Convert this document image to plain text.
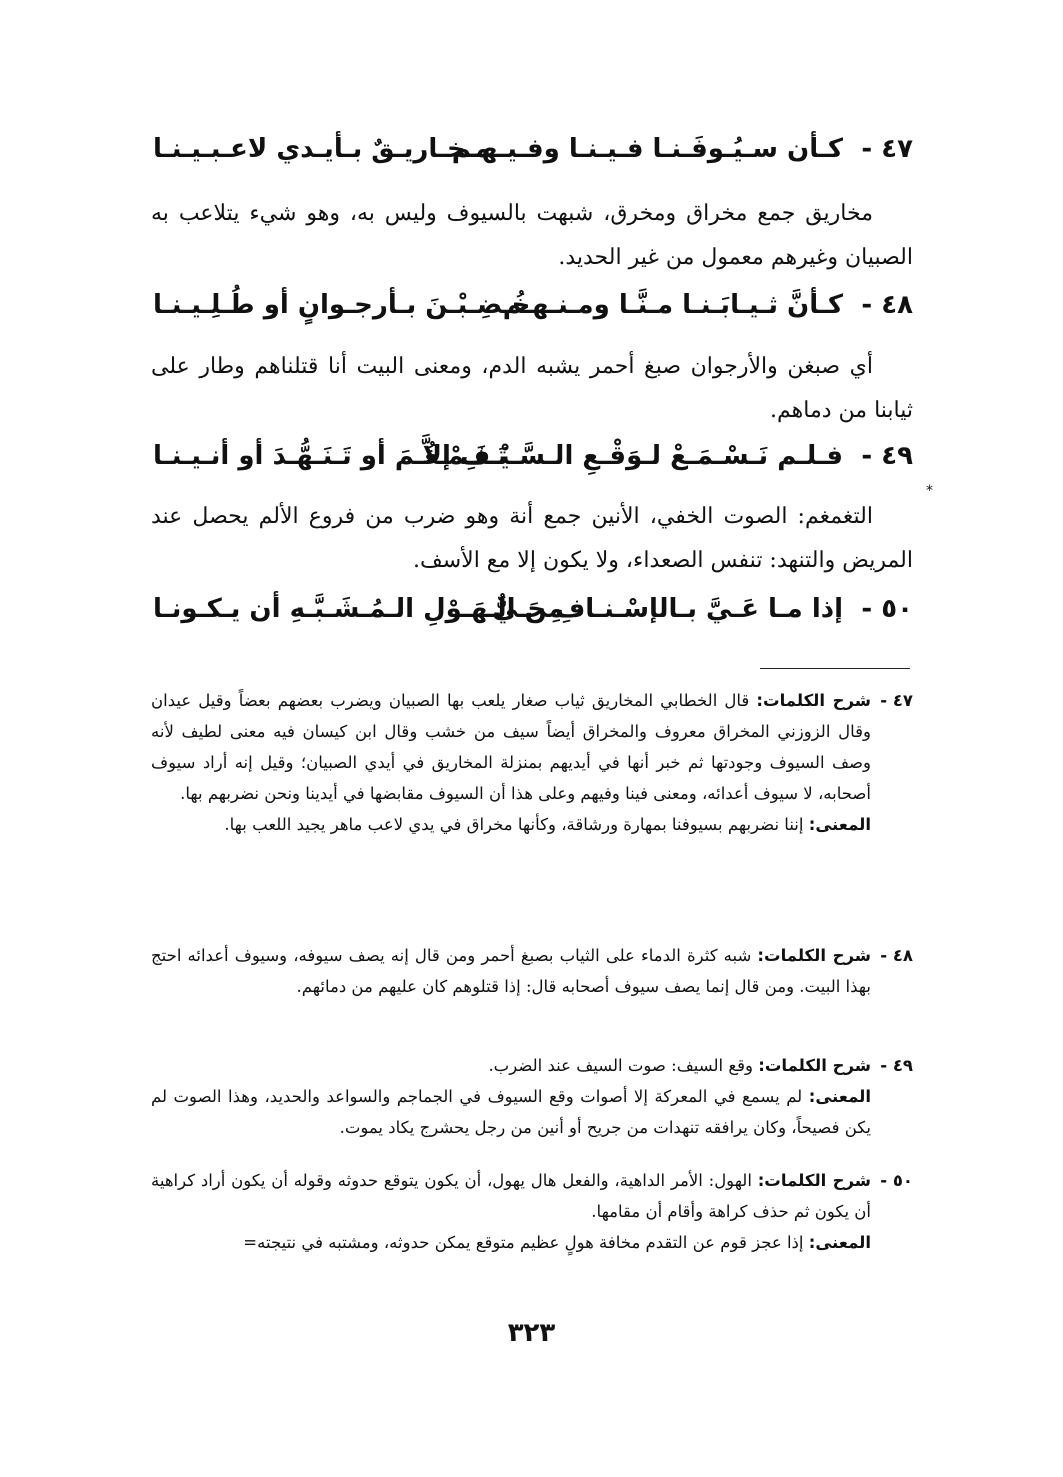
٤٧ -
كـأن سـيُـوفَـنـا فـيـنـا وفـيـهـم
مـخـاريـقٌ بـأيـدي لاعـبـيـنـا
مخاريق جمع مخراق ومخرق، شبهت بالسيوف وليس به، وهو شيء يتلاعب به الصبيان وغيرهم معمول من غير الحديد.
٤٨ -
كـأنَّ ثـيـابَـنـا مـنَّـا ومـنـهـم
خُـضِـبْـنَ بـأرجـوانٍ أو طُـلِـيـنـا
أي صبغن والأرجوان صبغ أحمر يشبه الدم، ومعنى البيت أنا قتلناهم وطار على ثيابنا من دماهم.
٤٩ -
فـلـم نَـسْـمَـعْ لـوَقْـعِ الـسَّـيْـفِ إلاَّ
تَـغَـمْـغُـمَ أو تَـنَـهُّـدَ أو أنـيـنـا
*
التغمغم: الصوت الخفي، الأنين جمع أنة وهو ضرب من فروع الألم يحصل عند المريض والتنهد: تنفس الصعداء، ولا يكون إلا مع الأسف.
٥٠ -
إذا مـا عَـيَّ بـالإسْـنـافِ حـيٌّ
مِنَ الـهَـوْلِ الـمُـشَـبَّـهِ أن يـكـونـا
٤٧ -
شرح الكلمات: قال الخطابي المخاريق ثياب صغار يلعب بها الصبيان ويضرب بعضهم بعضاً وقيل عيدان وقال الزوزني المخراق معروف والمخراق أيضاً سيف من خشب وقال ابن كيسان فيه معنى لطيف لأنه وصف السيوف وجودتها ثم خبر أنها في أيديهم بمنزلة المخاريق في أيدي الصبيان؛ وقيل إنه أراد سيوف أصحابه، لا سيوف أعدائه، ومعنى فينا وفيهم وعلى هذا أن السيوف مقابضها في أيدينا ونحن نضربهم بها.
المعنى: إننا نضربهم بسيوفنا بمهارة ورشاقة، وكأنها مخراق في يدي لاعب ماهر يجيد اللعب بها.
٤٨ -
شرح الكلمات: شبه كثرة الدماء على الثياب بصبغ أحمر ومن قال إنه يصف سيوفه، وسيوف أعدائه احتج بهذا البيت. ومن قال إنما يصف سيوف أصحابه قال: إذا قتلوهم كان عليهم من دمائهم.
٤٩ -
شرح الكلمات: وقع السيف: صوت السيف عند الضرب.
المعنى: لم يسمع في المعركة إلا أصوات وقع السيوف في الجماجم والسواعد والحديد، وهذا الصوت لم يكن فصيحاً، وكان يرافقه تنهدات من جريح أو أنين من رجل يحشرج يكاد يموت.
٥٠ -
شرح الكلمات: الهول: الأمر الداهية، والفعل هال يهول، أن يكون يتوقع حدوثه وقوله أن يكون أراد كراهية أن يكون ثم حذف كراهة وأقام أن مقامها.
المعنى: إذا عجز قوم عن التقدم مخافة هولٍ عظيم متوقع يمكن حدوثه، ومشتبه في نتيجته=
٣٢٣
